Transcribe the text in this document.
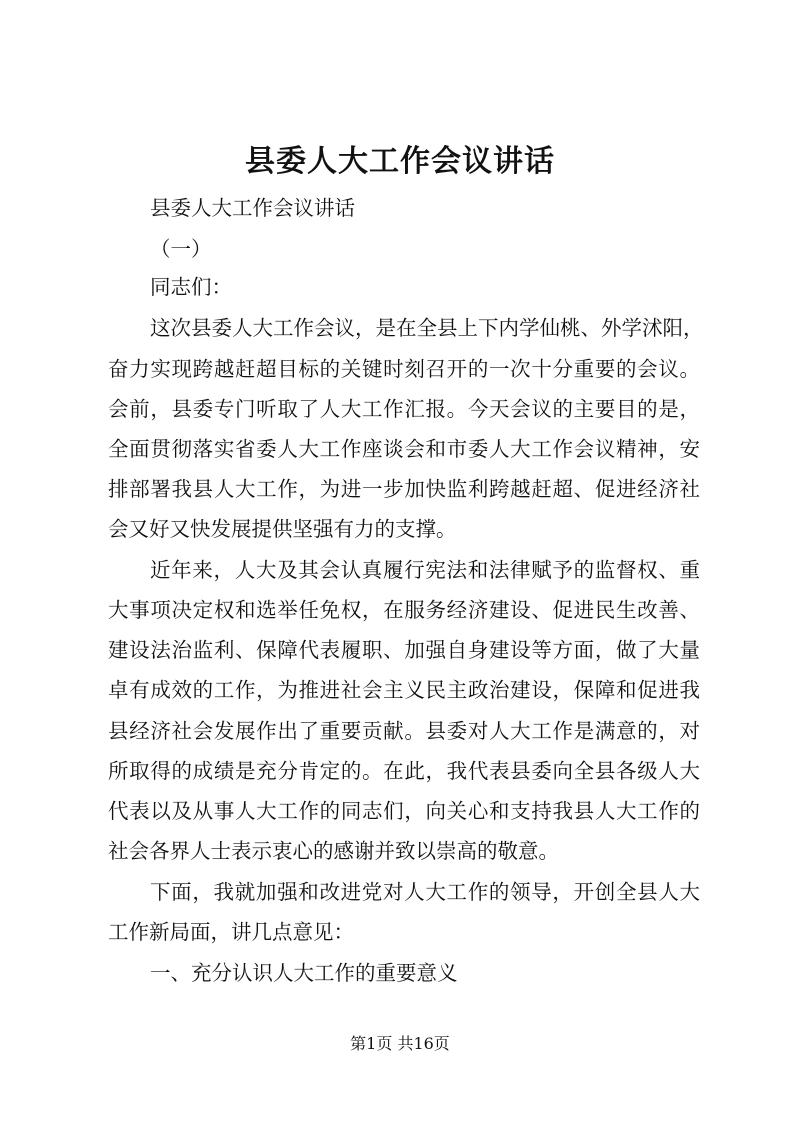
县委人大工作会议讲话
县委人大工作会议讲话
（一）
同志们：
这次县委人大工作会议，是在全县上下内学仙桃、外学沭阳，
奋力实现跨越赶超目标的关键时刻召开的一次十分重要的会议。
会前，县委专门听取了人大工作汇报。今天会议的主要目的是，
全面贯彻落实省委人大工作座谈会和市委人大工作会议精神，安
排部署我县人大工作，为进一步加快监利跨越赶超、促进经济社
会又好又快发展提供坚强有力的支撑。
近年来，人大及其会认真履行宪法和法律赋予的监督权、重
大事项决定权和选举任免权，在服务经济建设、促进民生改善、
建设法治监利、保障代表履职、加强自身建设等方面，做了大量
卓有成效的工作，为推进社会主义民主政治建设，保障和促进我
县经济社会发展作出了重要贡献。县委对人大工作是满意的，对
所取得的成绩是充分肯定的。在此，我代表县委向全县各级人大
代表以及从事人大工作的同志们，向关心和支持我县人大工作的
社会各界人士表示衷心的感谢并致以崇高的敬意。
下面，我就加强和改进党对人大工作的领导，开创全县人大
工作新局面，讲几点意见：
一、充分认识人大工作的重要意义
第1页 共16页
